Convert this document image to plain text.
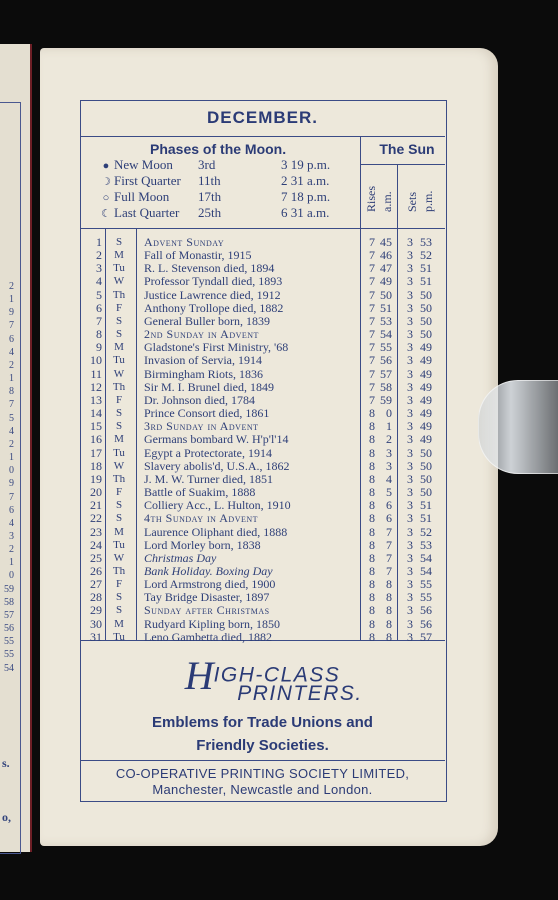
2
1
9
7
6
4
2
1
8
7
5
4
2
1
0
9
7
6
4
3
2
1
0
59
58
57
56
55
55
54
s.
o,
DECEMBER.
Phases of the Moon.	The Sun
● New Moon 3rd	3 19 p.m.
☽ First Quarter 11th	2 31 a.m.
○ Full Moon 17th	7 18 p.m.
☾ Last Quarter 25th	6 31 a.m.
Rises a.m. Sets p.m.
1	S	Advent Sunday	7 45	3 53
2	M	Fall of Monastir, 1915	7 46	3 52
3 Tu R. L. Stevenson died, 1894	7 47	3 51
4	W	Professor Tyndall died, 1893	7 49	3 51
5 Th Justice Lawrence died, 1912	7 50	3 50
6	F	Anthony Trollope died, 1882	7 51	3 50
7	S	General Buller born, 1839	7 53	3 50
8	S	2nd Sunday in Advent	7 54	3 50
9	M	Gladstone's First Ministry, '68	7 55	3 49
10 Tu Invasion of Servia, 1914	7 56	3 49
11	W	Birmingham Riots, 1836	7 57	3 49
12 Th Sir M. I. Brunel died, 1849	7 58	3 49
13	F	Dr. Johnson died, 1784	7 59	3 49
14	S	Prince Consort died, 1861	8 0	3 49
15	S	3rd Sunday in Advent	8 1	3 49
16	M	Germans bombard W. H'p'l'14	8 2	3 49
17 Tu Egypt a Protectorate, 1914	8 3	3 50
18	W	Slavery abolis'd, U.S.A., 1862	8 3	3 50
19 Th J. M. W. Turner died, 1851	8 4	3 50
20	F	Battle of Suakim, 1888	8 5	3 50
21	S	Colliery Acc., L. Hulton, 1910	8 6	3 51
22	S	4th Sunday in Advent	8 6	3 51
23	M	Laurence Oliphant died, 1888	8 7	3 52
24 Tu Lord Morley born, 1838	8 7	3 53
25	W	Christmas Day	8 7	3 54
26 Th Bank Holiday. Boxing Day	8 7	3 54
27	F	Lord Armstrong died, 1900	8 8	3 55
28	S	Tay Bridge Disaster, 1897	8 8	3 55
29	S	Sunday after Christmas	8 8	3 56
30	M	Rudyard Kipling born, 1850	8 8	3 56
31 Tu Leno Gambetta died, 1882	8 8	3 57
HIGH-CLASS
PRINTERS.
Emblems for Trade Unions and
Friendly Societies.
CO-OPERATIVE PRINTING SOCIETY LIMITED,
Manchester, Newcastle and London.
